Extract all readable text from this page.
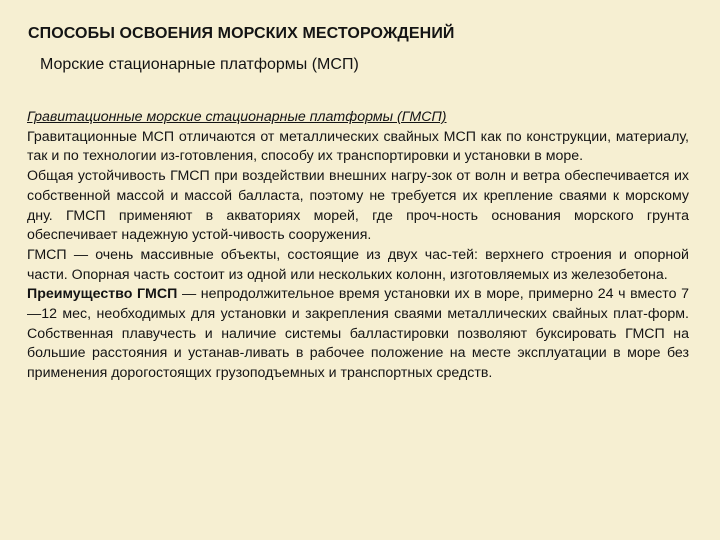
СПОСОБЫ ОСВОЕНИЯ МОРСКИХ МЕСТОРОЖДЕНИЙ
Морские стационарные платформы (МСП)

Гравитационные морские стационарные платформы (ГМСП)

Гравитационные МСП отличаются от металлических свайных МСП как по конструкции, материалу, так и по технологии из-готовления, способу их транспортировки и установки в море.

Общая устойчивость ГМСП при воздействии внешних нагру-зок от волн и ветра обеспечивается их собственной массой и массой балласта, поэтому не требуется их крепление сваями к морскому дну. ГМСП применяют в акваториях морей, где проч-ность основания морского грунта обеспечивает надежную устой-чивость сооружения.

ГМСП — очень массивные объекты, состоящие из двух час-тей: верхнего строения и опорной части. Опорная часть состоит из одной или нескольких колонн, изготовляемых из железобетона.

Преимущество ГМСП — непродолжительное время установки их в море, примерно 24 ч вместо 7—12 мес, необходимых для установки и закрепления сваями металлических свайных плат-форм. Собственная плавучесть и наличие системы балластировки позволяют буксировать ГМСП на большие расстояния и устанав-ливать в рабочее положение на месте эксплуатации в море без применения дорогостоящих грузоподъемных и транспортных средств.
